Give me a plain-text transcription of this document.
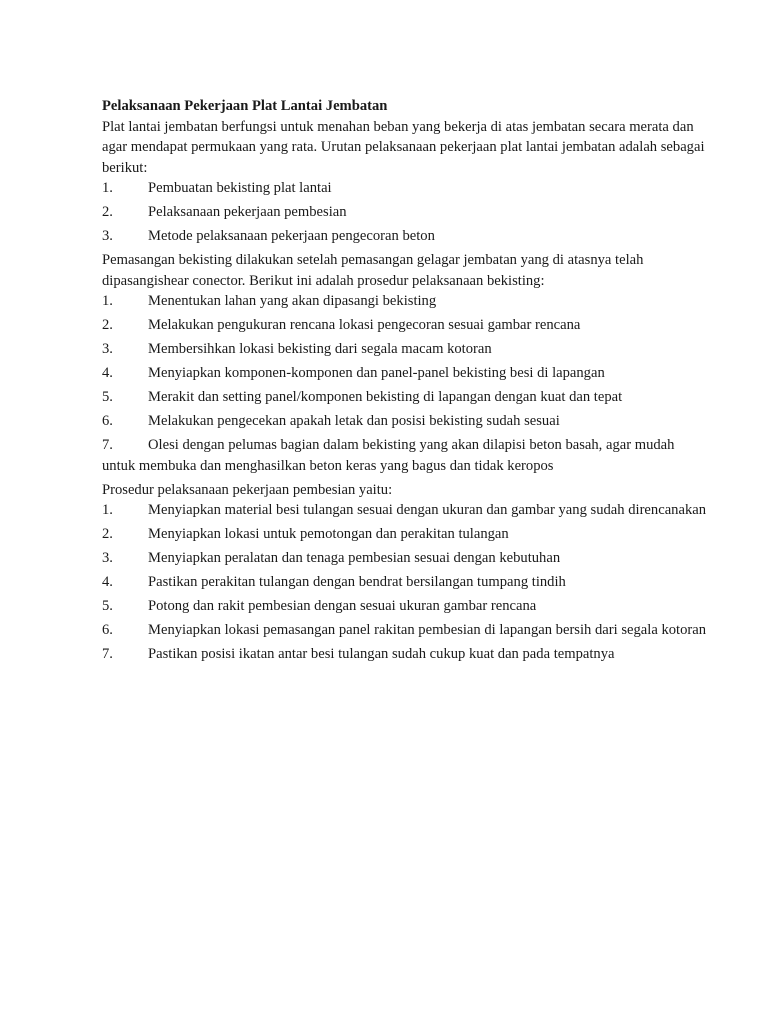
Pelaksanaan Pekerjaan Plat Lantai Jembatan

Plat lantai jembatan berfungsi untuk menahan beban yang bekerja di atas jembatan secara merata dan agar mendapat permukaan yang rata. Urutan pelaksanaan pekerjaan plat lantai jembatan adalah sebagai berikut:

1. Pembuatan bekisting plat lantai
2. Pelaksanaan pekerjaan pembesian
3. Metode pelaksanaan pekerjaan pengecoran beton

Pemasangan bekisting dilakukan setelah pemasangan gelagar jembatan yang di atasnya telah dipasangishear conector. Berikut ini adalah prosedur pelaksanaan bekisting:

1. Menentukan lahan yang akan dipasangi bekisting
2. Melakukan pengukuran rencana lokasi pengecoran sesuai gambar rencana
3. Membersihkan lokasi bekisting dari segala macam kotoran
4. Menyiapkan komponen-komponen dan panel-panel bekisting besi di lapangan
5. Merakit dan setting panel/komponen bekisting di lapangan dengan kuat dan tepat
6. Melakukan pengecekan apakah letak dan posisi bekisting sudah sesuai
7. Olesi dengan pelumas bagian dalam bekisting yang akan dilapisi beton basah, agar mudah untuk membuka dan menghasilkan beton keras yang bagus dan tidak keropos

Prosedur pelaksanaan pekerjaan pembesian yaitu:

1. Menyiapkan material besi tulangan sesuai dengan ukuran dan gambar yang sudah direncanakan
2. Menyiapkan lokasi untuk pemotongan dan perakitan tulangan
3. Menyiapkan peralatan dan tenaga pembesian sesuai dengan kebutuhan
4. Pastikan perakitan tulangan dengan bendrat bersilangan tumpang tindih
5. Potong dan rakit pembesian dengan sesuai ukuran gambar rencana
6. Menyiapkan lokasi pemasangan panel rakitan pembesian di lapangan bersih dari segala kotoran
7. Pastikan posisi ikatan antar besi tulangan sudah cukup kuat dan pada tempatnya
